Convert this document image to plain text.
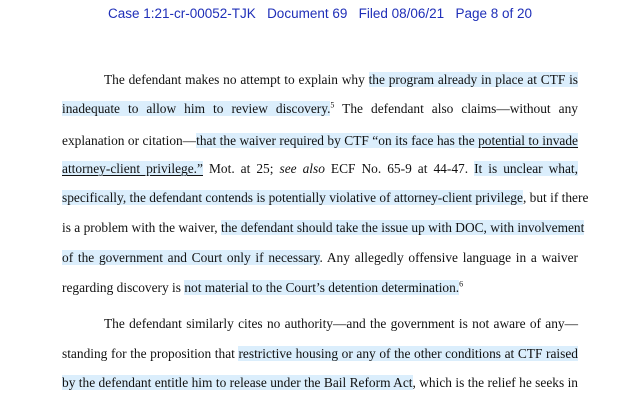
Case 1:21-cr-00052-TJK Document 69 Filed 08/06/21 Page 8 of 20
The defendant makes no attempt to explain why the program already in place at CTF is
inadequate to allow him to review discovery.$^5$ The defendant also claims—without any
explanation or citation—that the waiver required by CTF “on its face has the potential to invade
attorney-client privilege.” Mot. at 25; see also ECF No. 65-9 at 44-47. It is unclear what,
specifically, the defendant contends is potentially violative of attorney-client privilege, but if there
is a problem with the waiver, the defendant should take the issue up with DOC, with involvement
of the government and Court only if necessary. Any allegedly offensive language in a waiver
regarding discovery is not material to the Court’s detention determination.$^6$
The defendant similarly cites no authority—and the government is not aware of any—
standing for the proposition that restrictive housing or any of the other conditions at CTF raised
by the defendant entitle him to release under the Bail Reform Act, which is the relief he seeks in
